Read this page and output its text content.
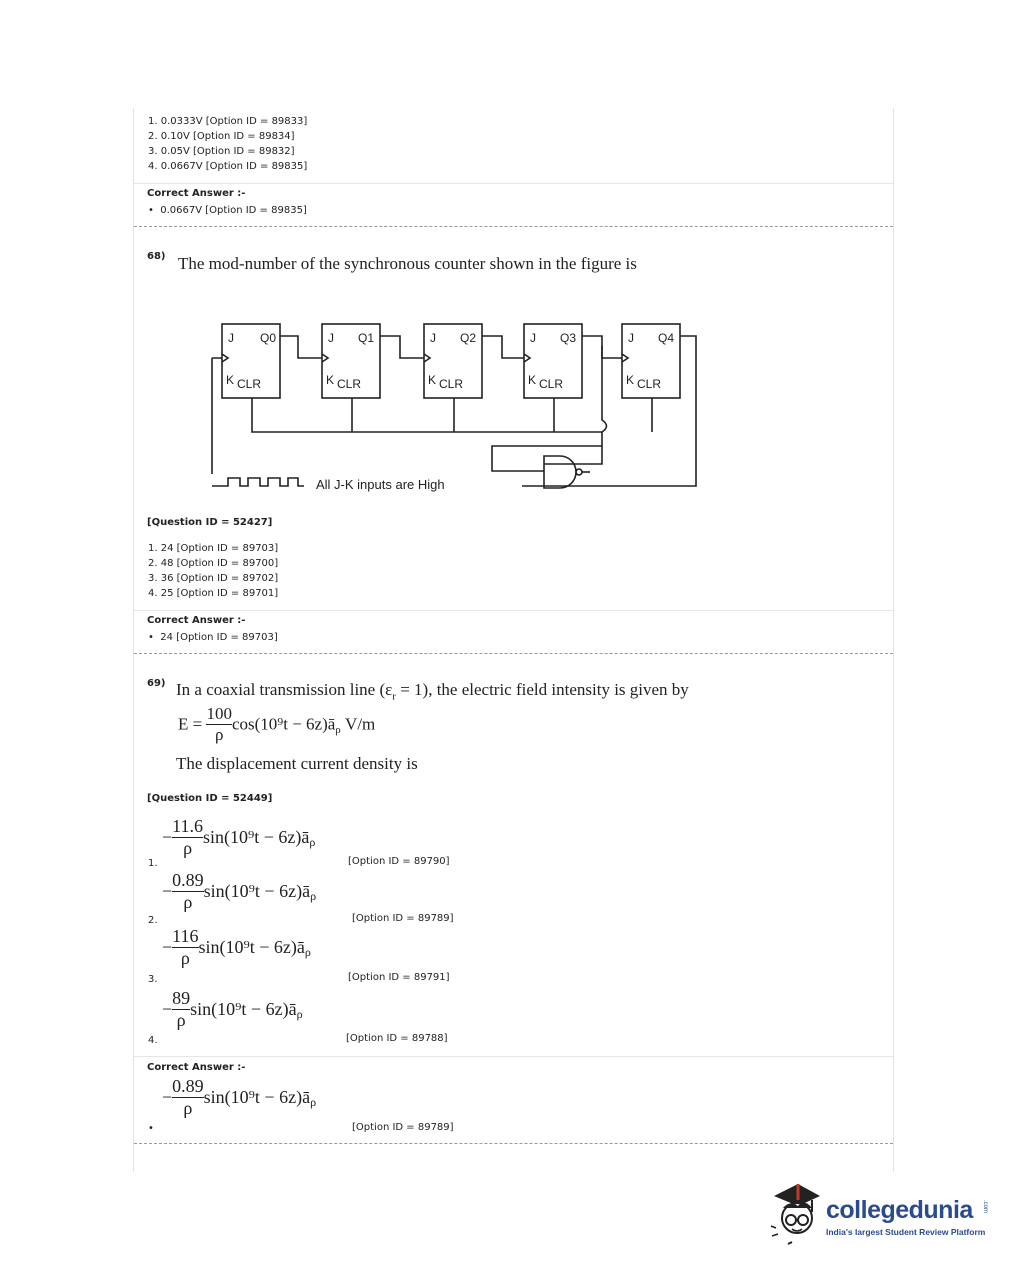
1. 0.0333V [Option ID = 89833]
2. 0.10V [Option ID = 89834]
3. 0.05V [Option ID = 89832]
4. 0.0667V [Option ID = 89835]
Correct Answer :-
•  0.0667V [Option ID = 89835]
68) The mod-number of the synchronous counter shown in the figure is
J Q0
K CLR
J Q1
K CLR
J Q2
K CLR
J Q3
K CLR
J Q4
K CLR
All J-K inputs are High
[Question ID = 52427]
1. 24 [Option ID = 89703]
2. 48 [Option ID = 89700]
3. 36 [Option ID = 89702]
4. 25 [Option ID = 89701]
Correct Answer :-
•  24 [Option ID = 89703]
69) In a coaxial transmission line $(\varepsilon_r = 1)$, the electric field intensity is given by
$E = \frac{100}{\rho} \cos(10^9t$ − $6z)ā_\rho$ V/m
The displacement current density is
[Question ID = 52449]
1.
− $\frac{11.6}{\rho} \sin(10^9t$ − $6z)ā_\rho$
[Option ID = 89790]
2.
− $\frac{0.89}{\rho} \sin(10^9t$ − $6z)ā_\rho$
[Option ID = 89789]
3.
− $\frac{116}{\rho} \sin(10^9t$ − $6z)ā_\rho$
[Option ID = 89791]
4.
− $\frac{89}{\rho} \sin(10^9t$ − $6z)ā_\rho$
[Option ID = 89788]
Correct Answer :-
•
− $\frac{0.89}{\rho} \sin(10^9t$ − $6z)ā_\rho$
[Option ID = 89789]
collegedunia .com
India's largest Student Review Platform
